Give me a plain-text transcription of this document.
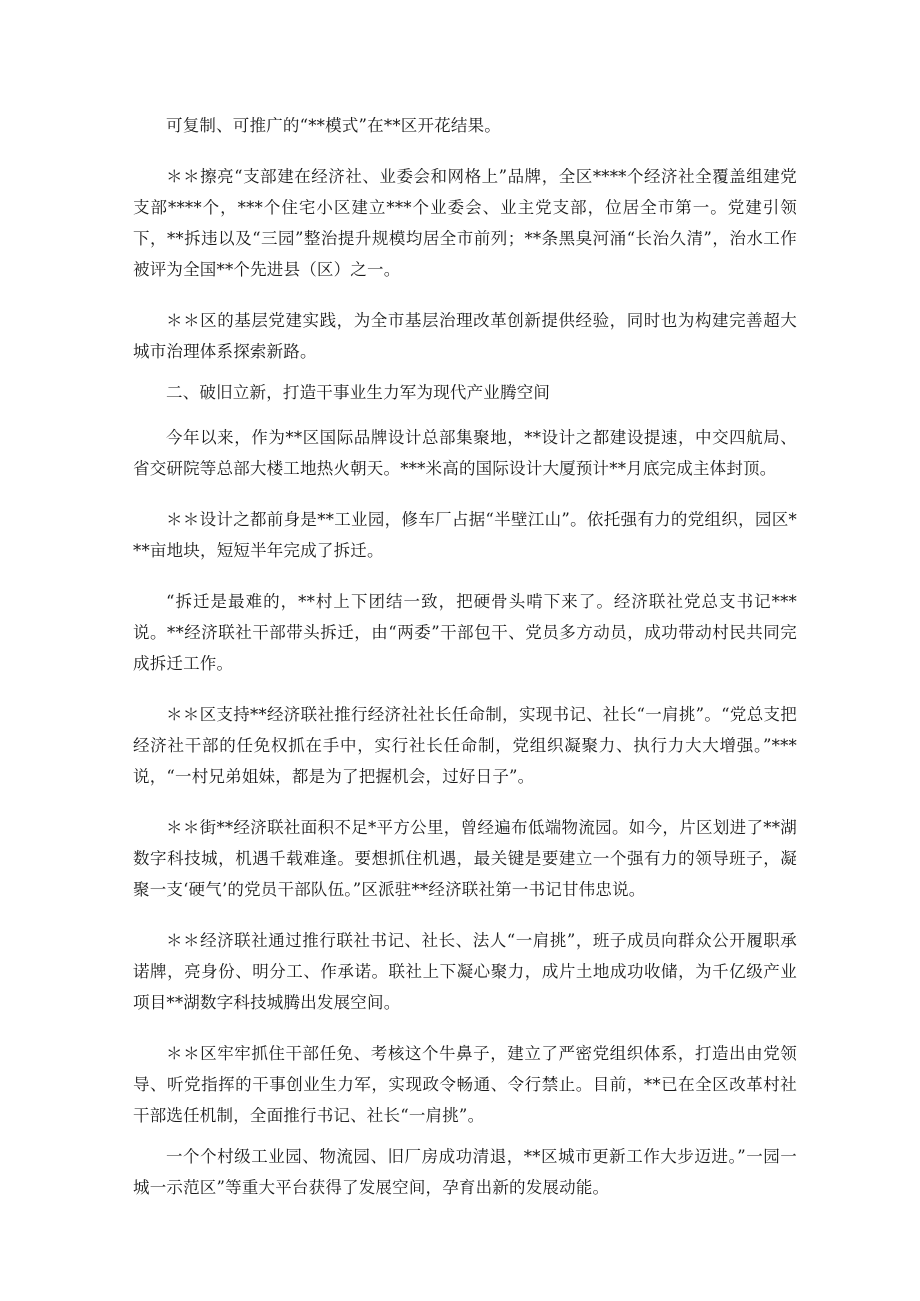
可复制、可推广的“**模式”在**区开花结果。

＊＊擦亮“支部建在经济社、业委会和网格上”品牌，全区****个经济社全覆盖组建党支部****个，***个住宅小区建立***个业委会、业主党支部，位居全市第一。党建引领下，**拆违以及“三园”整治提升规模均居全市前列；**条黑臭河涌“长治久清”，治水工作被评为全国**个先进县（区）之一。

＊＊区的基层党建实践，为全市基层治理改革创新提供经验，同时也为构建完善超大城市治理体系探索新路。

二、破旧立新，打造干事业生力军为现代产业腾空间

今年以来，作为**区国际品牌设计总部集聚地，**设计之都建设提速，中交四航局、省交研院等总部大楼工地热火朝天。***米高的国际设计大厦预计**月底完成主体封顶。

＊＊设计之都前身是**工业园，修车厂占据“半壁江山”。依托强有力的党组织，园区***亩地块，短短半年完成了拆迁。

“拆迁是最难的，**村上下团结一致，把硬骨头啃下来了。经济联社党总支书记***说。**经济联社干部带头拆迁，由“两委”干部包干、党员多方动员，成功带动村民共同完成拆迁工作。

＊＊区支持**经济联社推行经济社社长任命制，实现书记、社长“一肩挑”。“党总支把经济社干部的任免权抓在手中，实行社长任命制，党组织凝聚力、执行力大大增强。”***说，“一村兄弟姐妹，都是为了把握机会，过好日子”。

＊＊街**经济联社面积不足*平方公里，曾经遍布低端物流园。如今，片区划进了**湖数字科技城，机遇千载难逢。要想抓住机遇，最关键是要建立一个强有力的领导班子，凝聚一支‘硬气’的党员干部队伍。”区派驻**经济联社第一书记甘伟忠说。

＊＊经济联社通过推行联社书记、社长、法人“一肩挑”，班子成员向群众公开履职承诺牌，亮身份、明分工、作承诺。联社上下凝心聚力，成片土地成功收储，为千亿级产业项目**湖数字科技城腾出发展空间。

＊＊区牢牢抓住干部任免、考核这个牛鼻子，建立了严密党组织体系，打造出由党领导、听党指挥的干事创业生力军，实现政令畅通、令行禁止。目前，**已在全区改革村社干部选任机制，全面推行书记、社长“一肩挑”。

一个个村级工业园、物流园、旧厂房成功清退，**区城市更新工作大步迈进。”一园一城一示范区”等重大平台获得了发展空间，孕育出新的发展动能。
